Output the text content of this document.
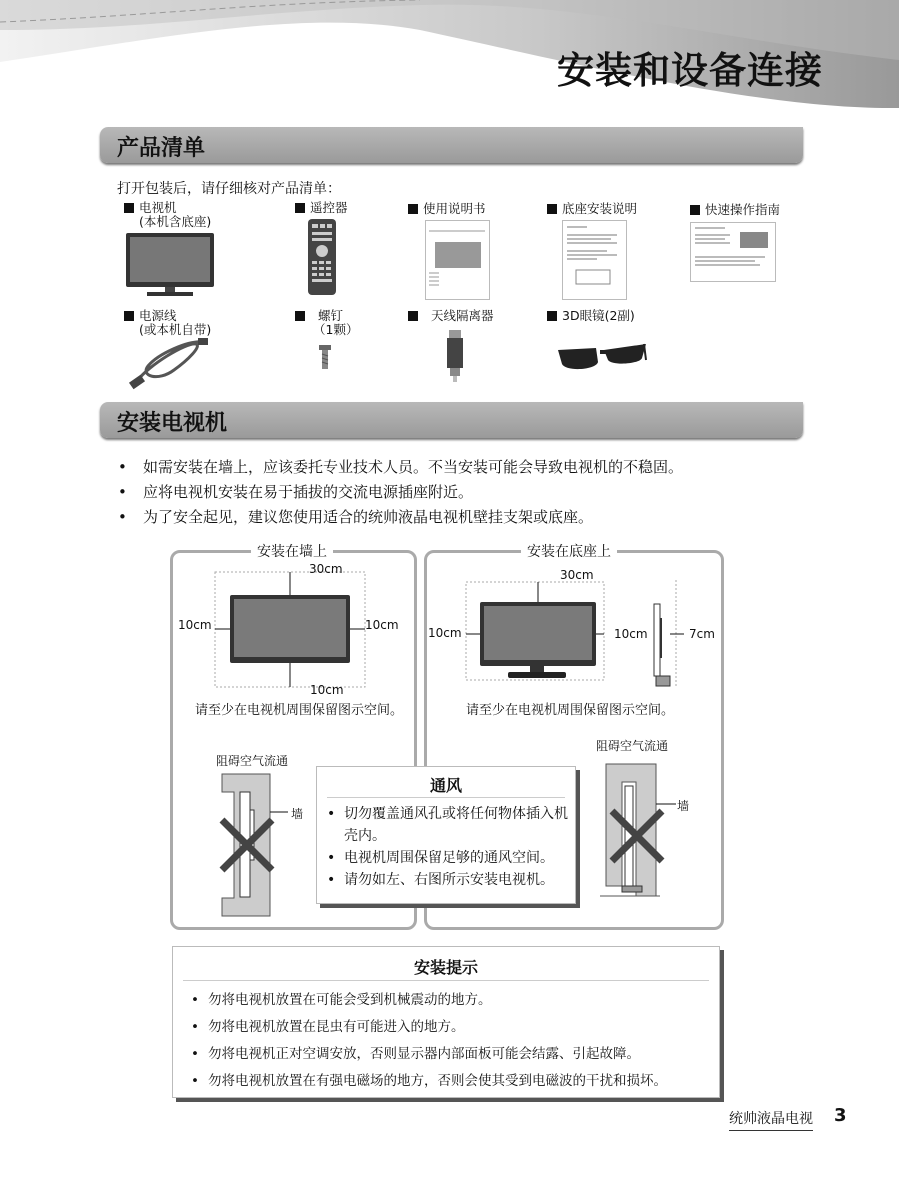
安装和设备连接
产品清单
打开包装后，请仔细核对产品清单：
电视机
(本机含底座)
遥控器	使用说明书	底座安装说明	快速操作指南
电源线
(或本机自带)
螺钉
（1颗）
天线隔离器	3D眼镜(2副)
安装电视机
• 如需安装在墙上，应该委托专业技术人员。不当安装可能会导致电视机的不稳固。
• 应将电视机安装在易于插拔的交流电源插座附近。
• 为了安全起见，建议您使用适合的统帅液晶电视机壁挂支架或底座。
安装在墙上	安装在底座上
30cm
10cm	10cm
10cm
请至少在电视机周围保留图示空间。
阻碍空气流通
墙
30cm
10cm	10cm	7cm
请至少在电视机周围保留图示空间。
阻碍空气流通
墙
通风
• 切勿覆盖通风孔或将任何物体插入机壳内。
• 电视机周围保留足够的通风空间。
• 请勿如左、右图所示安装电视机。
安装提示
• 勿将电视机放置在可能会受到机械震动的地方。
• 勿将电视机放置在昆虫有可能进入的地方。
• 勿将电视机正对空调安放，否则显示器内部面板可能会结露、引起故障。
• 勿将电视机放置在有强电磁场的地方，否则会使其受到电磁波的干扰和损坏。
统帅液晶电视 3
